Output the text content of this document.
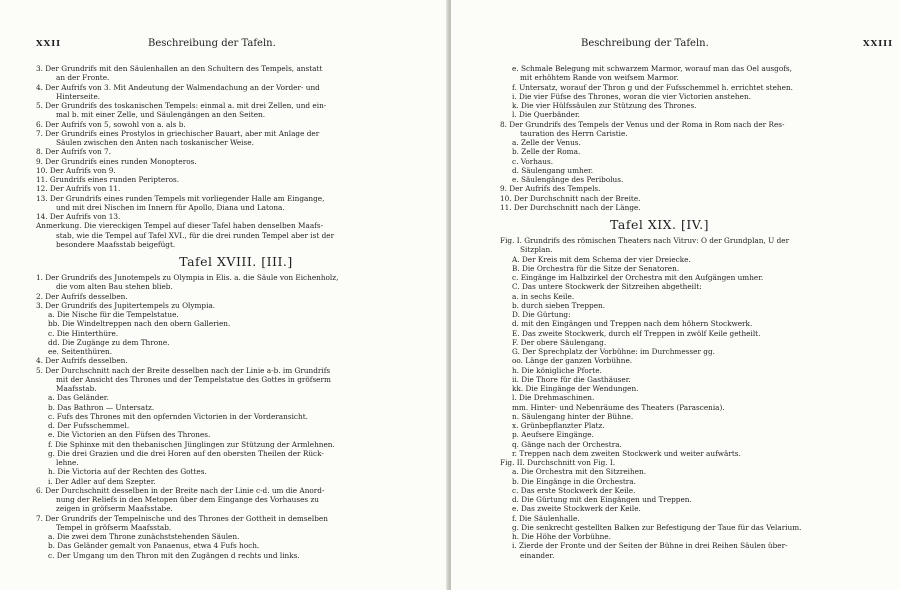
XXII	Beschreibung der Tafeln.
3. Der Grundrifs mit den Säulenhallen an den Schultern des Tempels, anstatt
an der Fronte.
4. Der Aufrifs von 3. Mit Andeutung der Walmendachung an der Vorder- und
Hinterseite.
5. Der Grundrifs des toskanischen Tempels: einmal a. mit drei Zellen, und ein-
mal b. mit einer Zelle, und Säulengängen an den Seiten.
6. Der Aufrifs von 5, sowohl von a. als b.
7. Der Grundrifs eines Prostylos in griechischer Bauart, aber mit Anlage der
Säulen zwischen den Anten nach toskanischer Weise.
8. Der Aufrifs von 7.
9. Der Grundrifs eines runden Monopteros.
10. Der Aufrifs von 9.
11. Grundrifs eines runden Peripteros.
12. Der Aufrifs von 11.
13. Der Grundrifs eines runden Tempels mit vorliegender Halle am Eingange,
und mit drei Nischen im Innern für Apollo, Diana und Latona.
14. Der Aufrifs von 13.
Anmerkung. Die viereckigen Tempel auf dieser Tafel haben denselben Maafs-
stab, wie die Tempel auf Tafel XVI., für die drei runden Tempel aber ist der
besondere Maafsstab beigefügt.
Tafel XVIII. [III.]
1. Der Grundrifs des Junotempels zu Olympia in Elis. a. die Säule von Eichenholz,
die vom alten Bau stehen blieb.
2. Der Aufrifs desselben.
3. Der Grundrifs des Jupitertempels zu Olympia.
a. Die Nische für die Tempelstatue.
bb. Die Windeltreppen nach den obern Gallerien.
c. Die Hinterthüre.
dd. Die Zugänge zu dem Throne.
ee. Seitenthüren.
4. Der Aufrifs desselben.
5. Der Durchschnitt nach der Breite desselben nach der Linie a-b. im Grundrifs
mit der Ansicht des Thrones und der Tempelstatue des Gottes in gröfserm
Maafsstab.
a. Das Geländer.
b. Das Bathron — Untersatz.
c. Fufs des Thrones mit den opfernden Victorien in der Vorderansicht.
d. Der Fufsschemmel.
e. Die Victorien an den Füfsen des Thrones.
f. Die Sphinxe mit den thebanischen Jünglingen zur Stützung der Armlehnen.
g. Die drei Grazien und die drei Horen auf den obersten Theilen der Rück-
lehne.
h. Die Victoria auf der Rechten des Gottes.
i. Der Adler auf dem Szepter.
6. Der Durchschnitt desselben in der Breite nach der Linie c-d. um die Anord-
nung der Reliefs in den Metopen über dem Eingange des Vorhauses zu
zeigen in gröfserm Maafsstabe.
7. Der Grundrifs der Tempelnische und des Thrones der Gottheit in demselben
Tempel in gröfserm Maafsstab.
a. Die zwei dem Throne zunächststehenden Säulen.
b. Das Geländer gemalt von Panaenus, etwa 4 Fufs hoch.
c. Der Umgang um den Thron mit den Zugängen d rechts und links.
Beschreibung der Tafeln.	XXIII
e. Schmale Belegung mit schwarzem Marmor, worauf man das Oel ausgofs,
mit erhöhtem Rande von weifsem Marmor.
f. Untersatz, worauf der Thron g und der Fufsschemmel h. errichtet stehen.
i. Die vier Füfse des Thrones, woran die vier Victorien anstehen.
k. Die vier Hülfssäulen zur Stützung des Thrones.
l. Die Querbänder.
8. Der Grundrifs des Tempels der Venus und der Roma in Rom nach der Res-
tauration des Herrn Caristie.
a. Zelle der Venus.
b. Zelle der Roma.
c. Vorhaus.
d. Säulengang umher.
e. Säulengänge des Peribolus.
9. Der Aufrifs des Tempels.
10. Der Durchschnitt nach der Breite.
11. Der Durchschnitt nach der Länge.
Tafel XIX. [IV.]
Fig. I. Grundrifs des römischen Theaters nach Vitruv: O der Grundplan, U der
Sitzplan.
A. Der Kreis mit dem Schema der vier Dreiecke.
B. Die Orchestra für die Sitze der Senatoren.
c. Eingänge im Halbzirkel der Orchestra mit den Aufgängen umher.
C. Das untere Stockwerk der Sitzreihen abgetheilt:
a. in sechs Keile.
b. durch sieben Treppen.
D. Die Gürtung:
d. mit den Eingängen und Treppen nach dem höhern Stockwerk.
E. Das zweite Stockwerk, durch elf Treppen in zwölf Keile getheilt.
F. Der obere Säulengang.
G. Der Sprechplatz der Vorbühne: im Durchmesser gg.
oo. Länge der ganzen Vorbühne.
h. Die königliche Pforte.
ii. Die Thore für die Gasthäuser.
kk. Die Eingänge der Wendungen.
l. Die Drehmaschinen.
mm. Hinter- und Nebenräume des Theaters (Parascenia).
n. Säulengang hinter der Bühne.
x. Grünbepflanzter Platz.
p. Aeufsere Eingänge.
q. Gänge nach der Orchestra.
r. Treppen nach dem zweiten Stockwerk und weiter aufwärts.
Fig. II. Durchschnitt von Fig. I.
a. Die Orchestra mit den Sitzreihen.
b. Die Eingänge in die Orchestra.
c. Das erste Stockwerk der Keile.
d. Die Gürtung mit den Eingängen und Treppen.
e. Das zweite Stockwerk der Keile.
f. Die Säulenhalle.
g. Die senkrecht gestellten Balken zur Befestigung der Taue für das Velarium.
h. Die Höhe der Vorbühne.
i. Zierde der Fronte und der Seiten der Bühne in drei Reihen Säulen über-
einander.
